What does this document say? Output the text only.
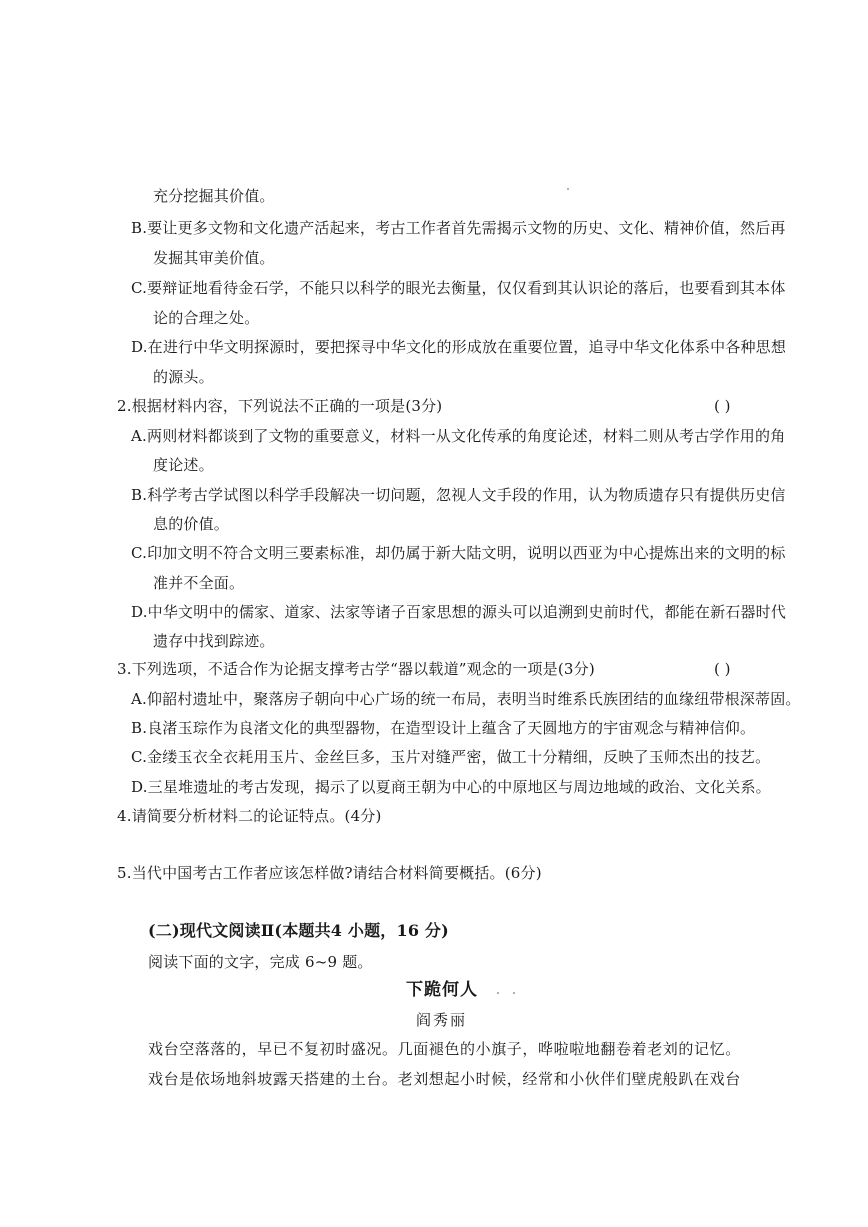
充分挖掘其价值。
B.要让更多文物和文化遗产活起来，考古工作者首先需揭示文物的历史、文化、精神价值，然后再
发掘其审美价值。
C.要辩证地看待金石学，不能只以科学的眼光去衡量，仅仅看到其认识论的落后，也要看到其本体
论的合理之处。
D.在进行中华文明探源时，要把探寻中华文化的形成放在重要位置，追寻中华文化体系中各种思想
的源头。
2.根据材料内容，下列说法不正确的一项是(3分)	( )
A.两则材料都谈到了文物的重要意义，材料一从文化传承的角度论述，材料二则从考古学作用的角
度论述。
B.科学考古学试图以科学手段解决一切问题，忽视人文手段的作用，认为物质遗存只有提供历史信
息的价值。
C.印加文明不符合文明三要素标准，却仍属于新大陆文明，说明以西亚为中心提炼出来的文明的标
准并不全面。
D.中华文明中的儒家、道家、法家等诸子百家思想的源头可以追溯到史前时代，都能在新石器时代
遗存中找到踪迹。
3.下列选项，不适合作为论据支撑考古学“器以载道”观念的一项是(3分)	( )
A.仰韶村遗址中，聚落房子朝向中心广场的统一布局，表明当时维系氏族团结的血缘纽带根深蒂固。
B.良渚玉琮作为良渚文化的典型器物，在造型设计上蕴含了天圆地方的宇宙观念与精神信仰。
C.金缕玉衣全衣耗用玉片、金丝巨多，玉片对缝严密，做工十分精细，反映了玉师杰出的技艺。
D.三星堆遗址的考古发现，揭示了以夏商王朝为中心的中原地区与周边地域的政治、文化关系。
4.请简要分析材料二的论证特点。(4分)
5.当代中国考古工作者应该怎样做?请结合材料简要概括。(6分)
(二)现代文阅读Ⅱ(本题共4 小题，16 分)
阅读下面的文字，完成 6~9 题。
下跪何人
阎秀丽
戏台空落落的，早已不复初时盛况。几面褪色的小旗子，哗啦啦地翻卷着老刘的记忆。
戏台是依场地斜坡露天搭建的土台。老刘想起小时候，经常和小伙伴们壁虎般趴在戏台
